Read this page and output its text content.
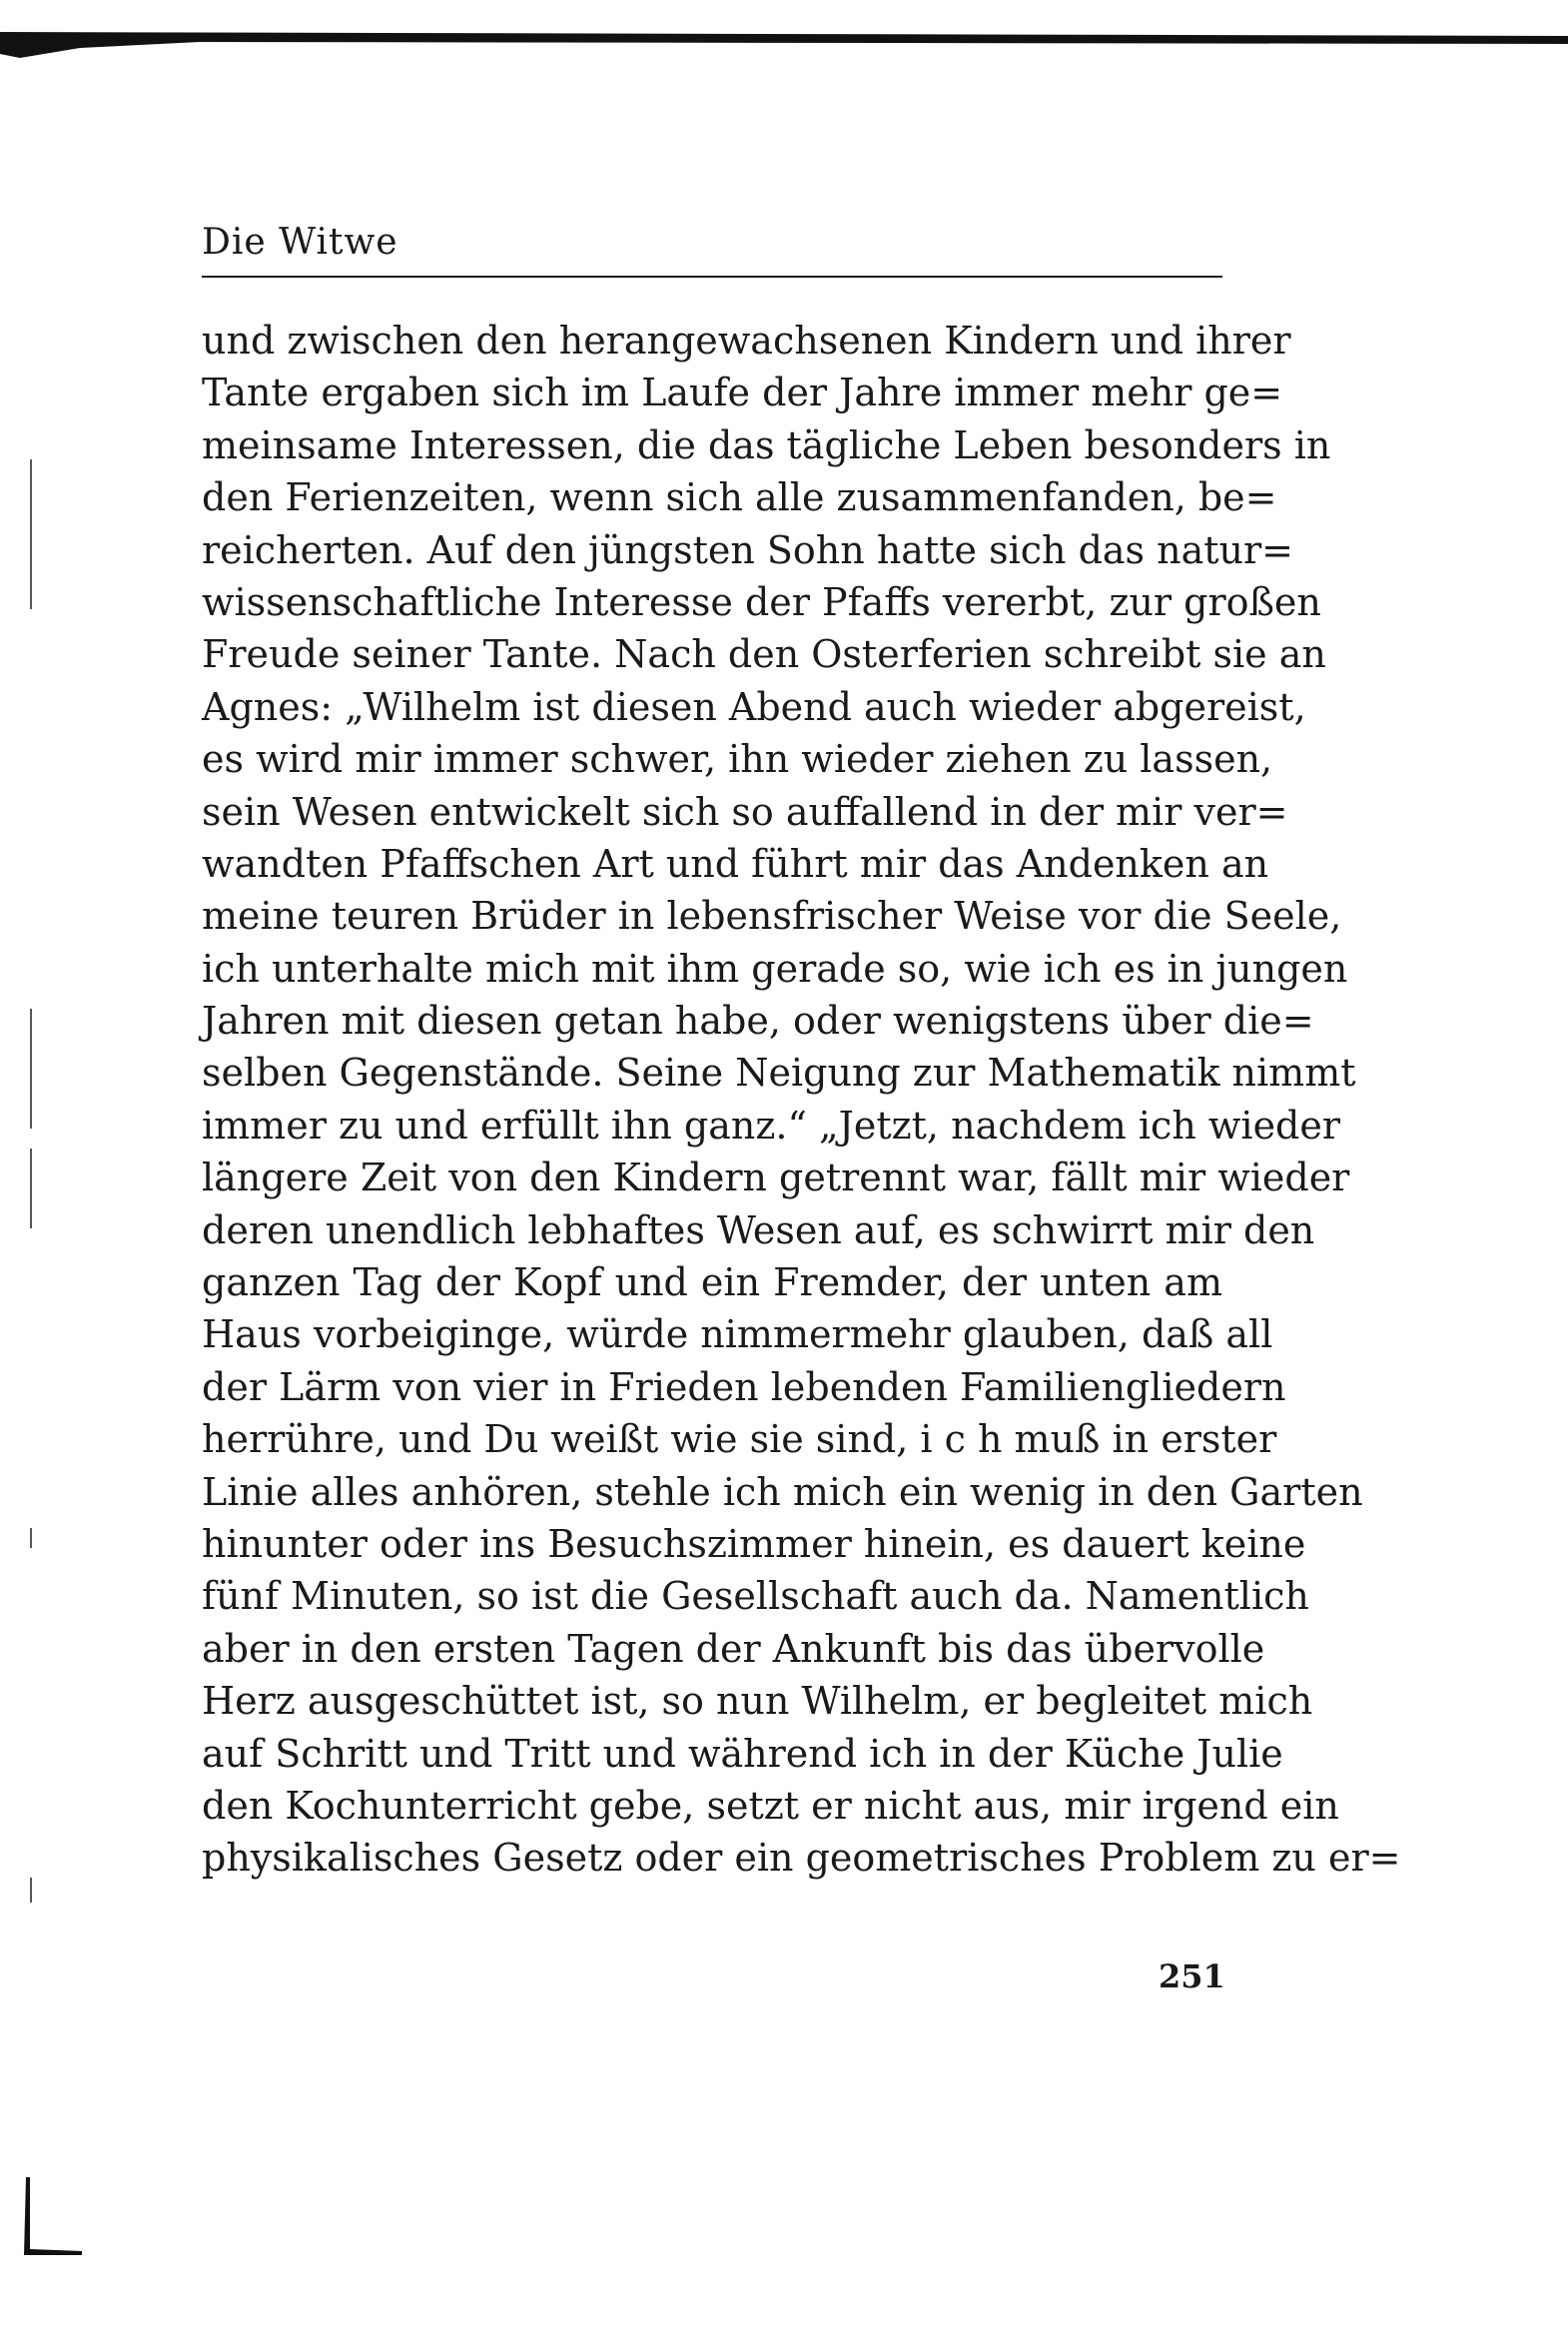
Die Witwe
und zwischen den herangewachsenen Kindern und ihrer
Tante ergaben sich im Laufe der Jahre immer mehr ge=
meinsame Interessen, die das tägliche Leben besonders in
den Ferienzeiten, wenn sich alle zusammenfanden, be=
reicherten. Auf den jüngsten Sohn hatte sich das natur=
wissenschaftliche Interesse der Pfaffs vererbt, zur großen
Freude seiner Tante. Nach den Osterferien schreibt sie an
Agnes: „Wilhelm ist diesen Abend auch wieder abgereist,
es wird mir immer schwer, ihn wieder ziehen zu lassen,
sein Wesen entwickelt sich so auffallend in der mir ver=
wandten Pfaffschen Art und führt mir das Andenken an
meine teuren Brüder in lebensfrischer Weise vor die Seele,
ich unterhalte mich mit ihm gerade so, wie ich es in jungen
Jahren mit diesen getan habe, oder wenigstens über die=
selben Gegenstände. Seine Neigung zur Mathematik nimmt
immer zu und erfüllt ihn ganz.“ „Jetzt, nachdem ich wieder
längere Zeit von den Kindern getrennt war, fällt mir wieder
deren unendlich lebhaftes Wesen auf, es schwirrt mir den
ganzen Tag der Kopf und ein Fremder, der unten am
Haus vorbeiginge, würde nimmermehr glauben, daß all
der Lärm von vier in Frieden lebenden Familiengliedern
herrühre, und Du weißt wie sie sind, i c h muß in erster
Linie alles anhören, stehle ich mich ein wenig in den Garten
hinunter oder ins Besuchszimmer hinein, es dauert keine
fünf Minuten, so ist die Gesellschaft auch da. Namentlich
aber in den ersten Tagen der Ankunft bis das übervolle
Herz ausgeschüttet ist, so nun Wilhelm, er begleitet mich
auf Schritt und Tritt und während ich in der Küche Julie
den Kochunterricht gebe, setzt er nicht aus, mir irgend ein
physikalisches Gesetz oder ein geometrisches Problem zu er=
251
